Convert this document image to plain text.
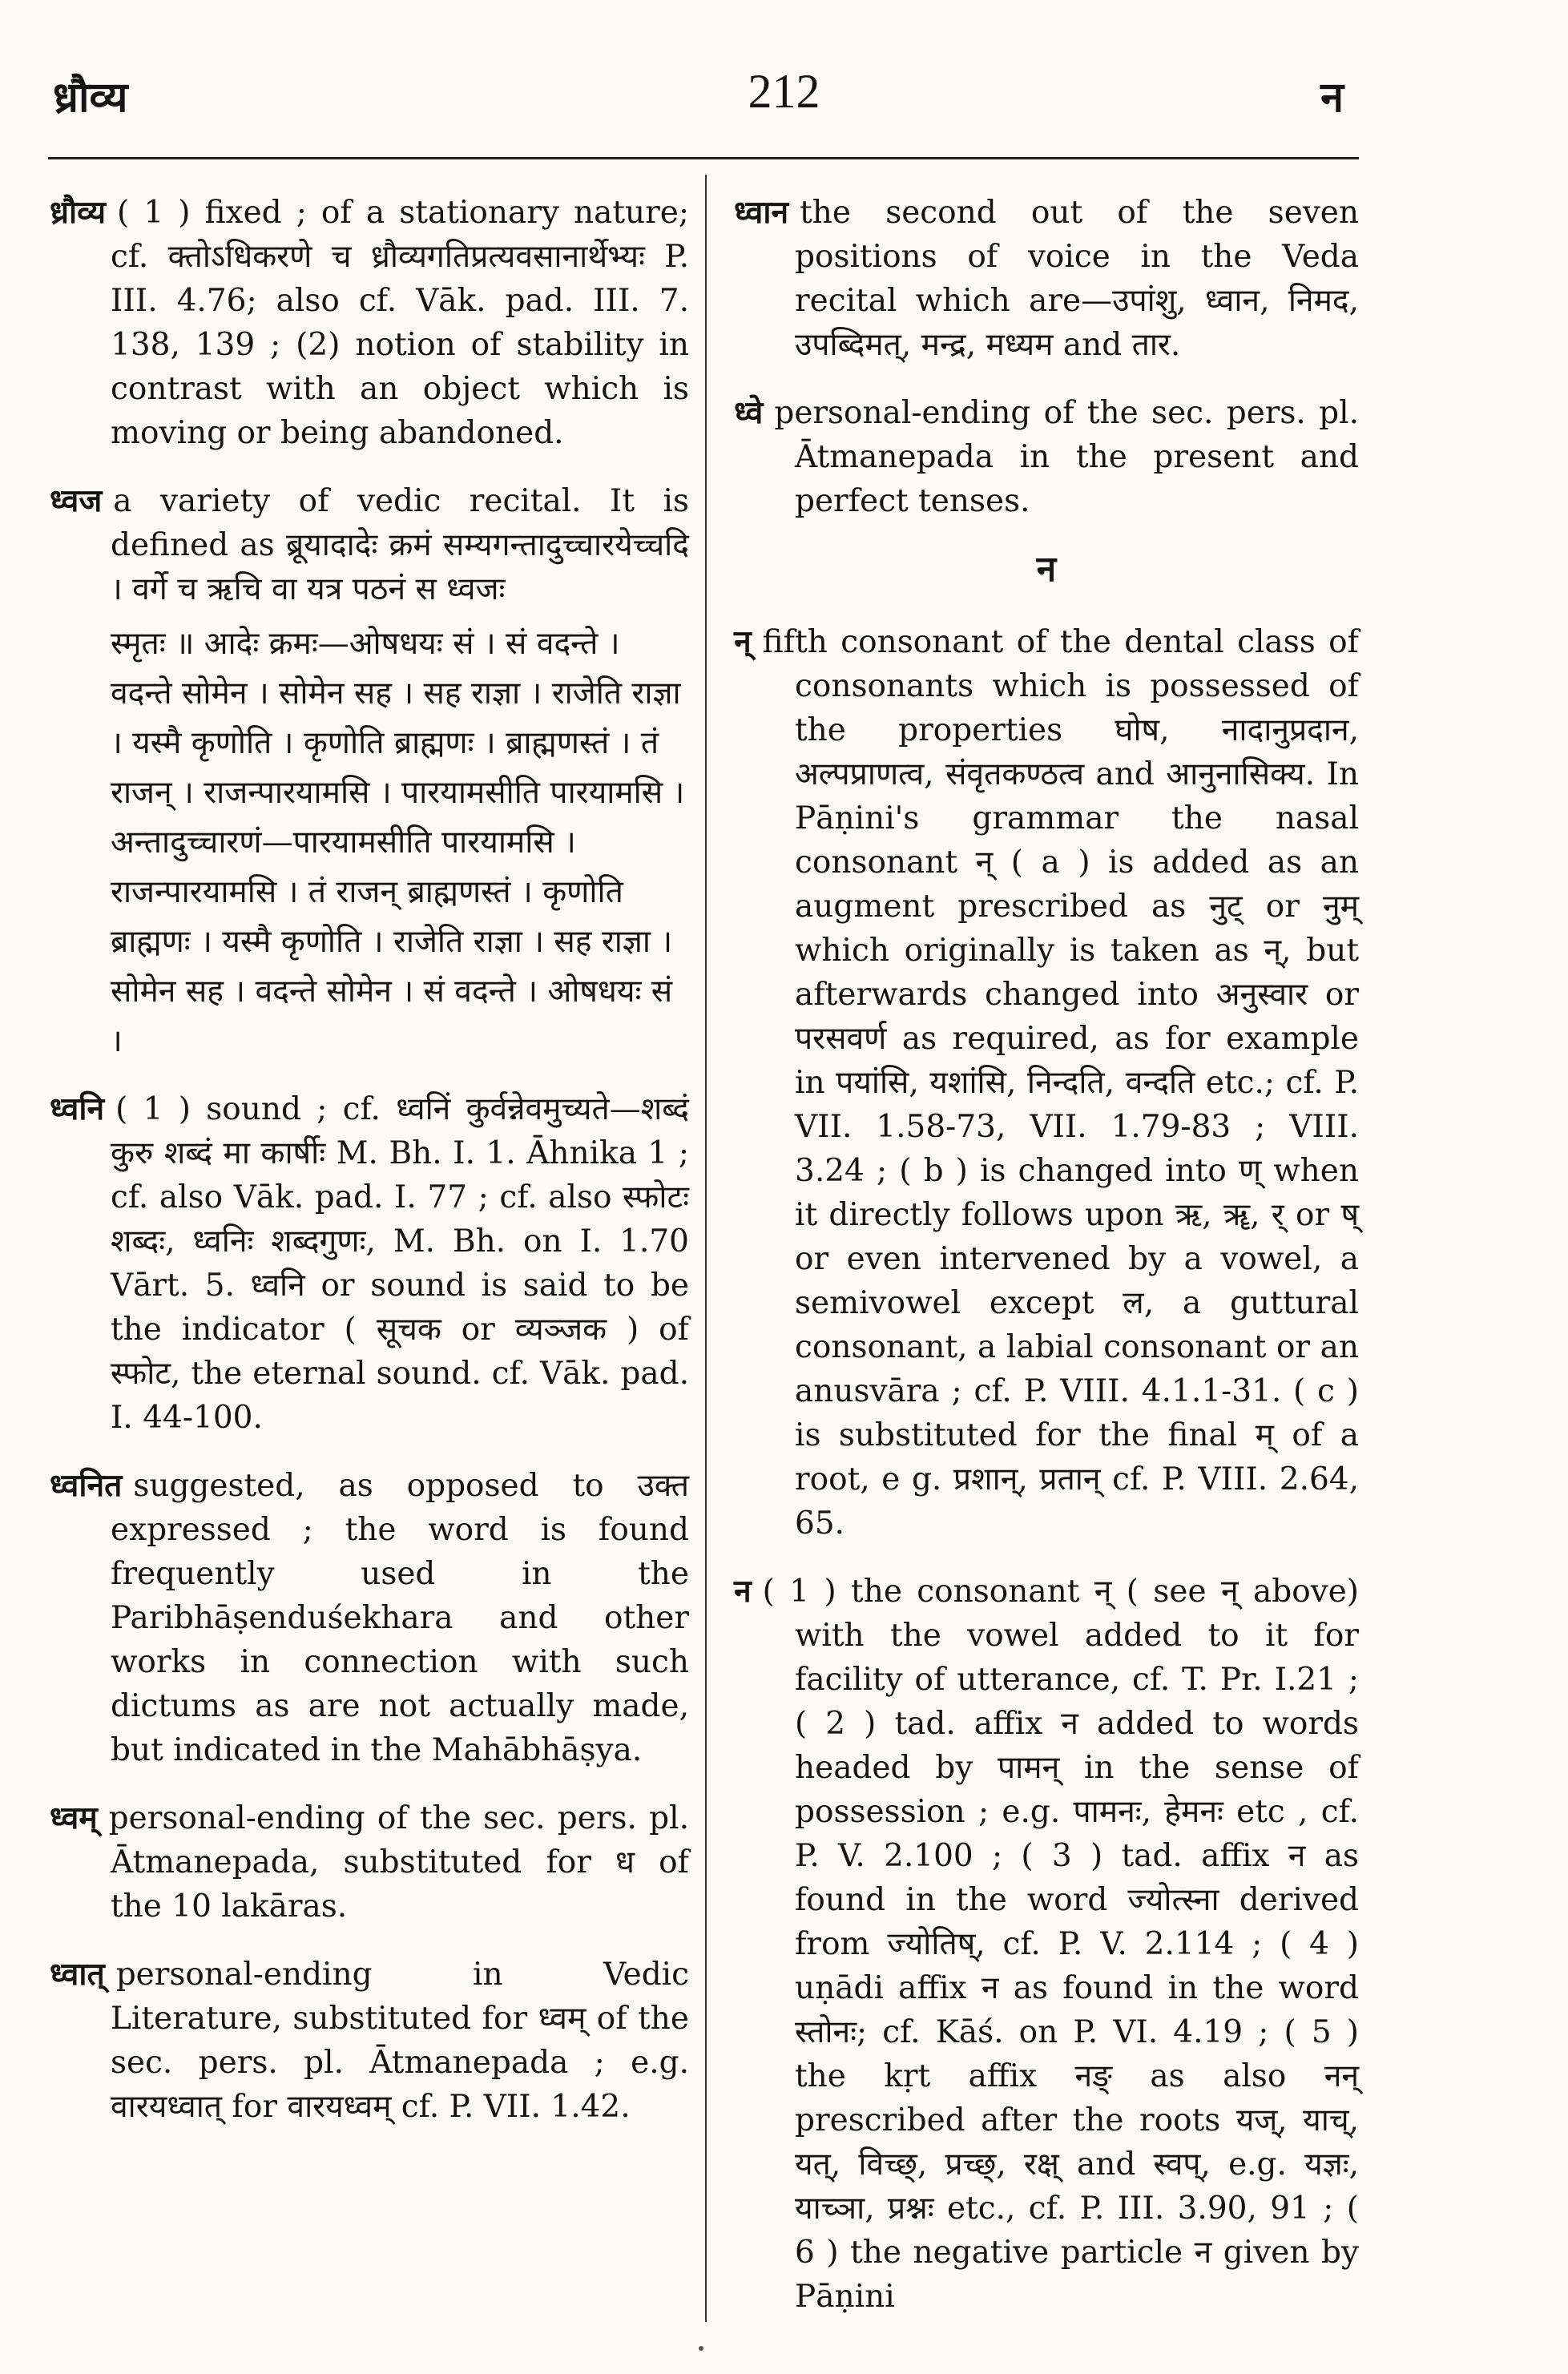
ध्रौव्य	212	न
ध्रौव्य ( 1 ) fixed ; of a stationary nature; cf. क्तोऽधिकरणे च ध्रौव्यगतिप्रत्यवसानार्थेभ्यः P. III. 4.76; also cf. Vāk. pad. III. 7. 138, 139 ; (2) notion of stability in contrast with an object which is moving or being abandoned.
ध्वज a variety of vedic recital. It is defined as ब्रूयादादेः क्रमं सम्यगन्तादुच्चारयेच्चदि । वर्गे च ऋचि वा यत्र पठनं स ध्वजः
स्मृतः ॥ आदेः क्रमः—ओषधयः सं । सं वदन्ते । वदन्ते सोमेन । सोमेन सह । सह राज्ञा । राजेति राज्ञा । यस्मै कृणोति । कृणोति ब्राह्मणः । ब्राह्मणस्तं । तं राजन् । राजन्पारयामसि । पारयामसीति पारयामसि । अन्तादुच्चारणं—पारयामसीति पारयामसि । राजन्पारयामसि । तं राजन् ब्राह्मणस्तं । कृणोति ब्राह्मणः । यस्मै कृणोति । राजेति राज्ञा । सह राज्ञा । सोमेन सह । वदन्ते सोमेन । सं वदन्ते । ओषधयः सं ।
ध्वनि ( 1 ) sound ; cf. ध्वनिं कुर्वन्नेवमुच्यते—शब्दं कुरु शब्दं मा कार्षीः M. Bh. I. 1. Āhnika 1 ; cf. also Vāk. pad. I. 77 ; cf. also स्फोटः शब्दः, ध्वनिः शब्दगुणः, M. Bh. on I. 1.70 Vārt. 5. ध्वनि or sound is said to be the indicator ( सूचक or व्यञ्जक ) of स्फोट, the eternal sound. cf. Vāk. pad. I. 44-100.
ध्वनित suggested, as opposed to उक्त expressed ; the word is found frequently used in the Paribhāṣenduśekhara and other works in connection with such dictums as are not actually made, but indicated in the Mahābhāṣya.
ध्वम् personal-ending of the sec. pers. pl. Ātmanepada, substituted for ध of the 10 lakāras.
ध्वात् personal-ending in Vedic Literature, substituted for ध्वम् of the sec. pers. pl. Ātmanepada ; e.g. वारयध्वात् for वारयध्वम् cf. P. VII. 1.42.
ध्वान the second out of the seven positions of voice in the Veda recital which are—उपांशु, ध्वान, निमद, उपब्दिमत्, मन्द्र, मध्यम and तार.
ध्वे personal-ending of the sec. pers. pl. Ātmanepada in the present and perfect tenses.
न
न् fifth consonant of the dental class of consonants which is possessed of the properties घोष, नादानुप्रदान, अल्पप्राणत्व, संवृतकण्ठत्व and आनुनासिक्य. In Pāṇini's grammar the nasal consonant न् ( a ) is added as an augment prescribed as नुट् or नुम् which originally is taken as न्, but afterwards changed into अनुस्वार or परसवर्ण as required, as for example in पयांसि, यशांसि, निन्दति, वन्दति etc.; cf. P. VII. 1.58-73, VII. 1.79-83 ; VIII. 3.24 ; ( b ) is changed into ण् when it directly follows upon ऋ, ॠ, र् or ष् or even intervened by a vowel, a semivowel except ल, a guttural consonant, a labial consonant or an anusvāra ; cf. P. VIII. 4.1.1-31. ( c ) is substituted for the final म् of a root, e g. प्रशान्, प्रतान् cf. P. VIII. 2.64, 65.
न ( 1 ) the consonant न् ( see न् above) with the vowel added to it for facility of utterance, cf. T. Pr. I.21 ; ( 2 ) tad. affix न added to words headed by पामन् in the sense of possession ; e.g. पामनः, हेमनः etc , cf. P. V. 2.100 ; ( 3 ) tad. affix न as found in the word ज्योत्स्ना derived from ज्योतिष्, cf. P. V. 2.114 ; ( 4 ) uṇādi affix न as found in the word स्तोनः; cf. Kāś. on P. VI. 4.19 ; ( 5 ) the kṛt affix नङ् as also नन् prescribed after the roots यज्, याच्, यत्, विच्छ्, प्रच्छ्, रक्ष् and स्वप्, e.g. यज्ञः, याच्ञा, प्रश्नः etc., cf. P. III. 3.90, 91 ; ( 6 ) the negative particle न given by Pāṇini
